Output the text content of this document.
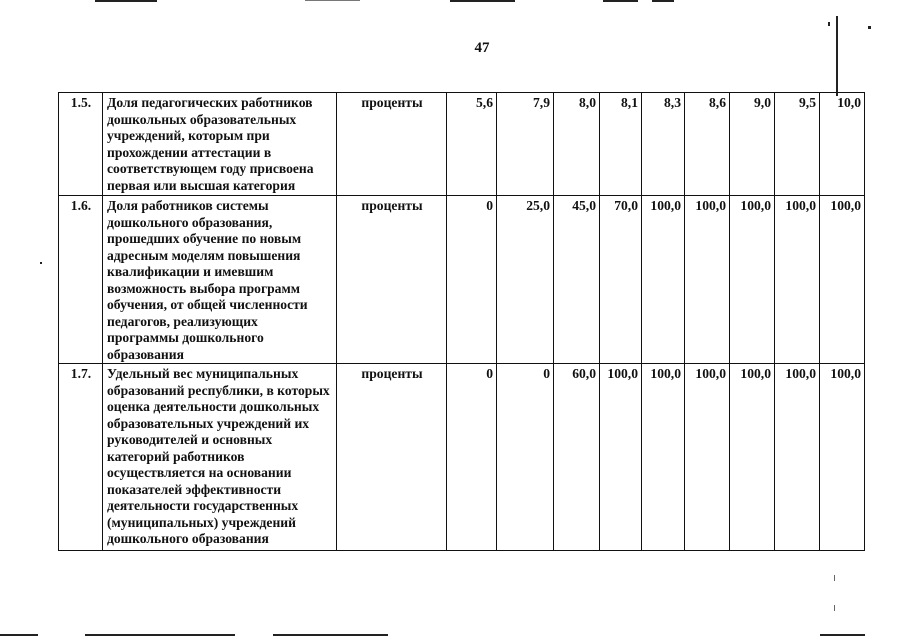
47
1.5.	Доля педагогических работников дошкольных образовательных учреждений, которым при прохождении аттестации в соответствующем году присвоена первая или высшая категория	проценты	5,6	7,9	8,0	8,1	8,3	8,6	9,0	9,5	10,0
1.6.	Доля работников системы дошкольного образования, прошедших обучение по новым адресным моделям повышения квалификации и имевшим возможность выбора программ обучения, от общей численности педагогов, реализующих программы дошкольного образования	проценты	0	25,0	45,0	70,0	100,0	100,0	100,0	100,0	100,0
1.7.	Удельный вес муниципальных образований республики, в которых оценка деятельности дошкольных образовательных учреждений их руководителей и основных категорий работников осуществляется на основании показателей эффективности деятельности государственных (муниципальных) учреждений дошкольного образования	проценты	0	0	60,0	100,0	100,0	100,0	100,0	100,0	100,0
